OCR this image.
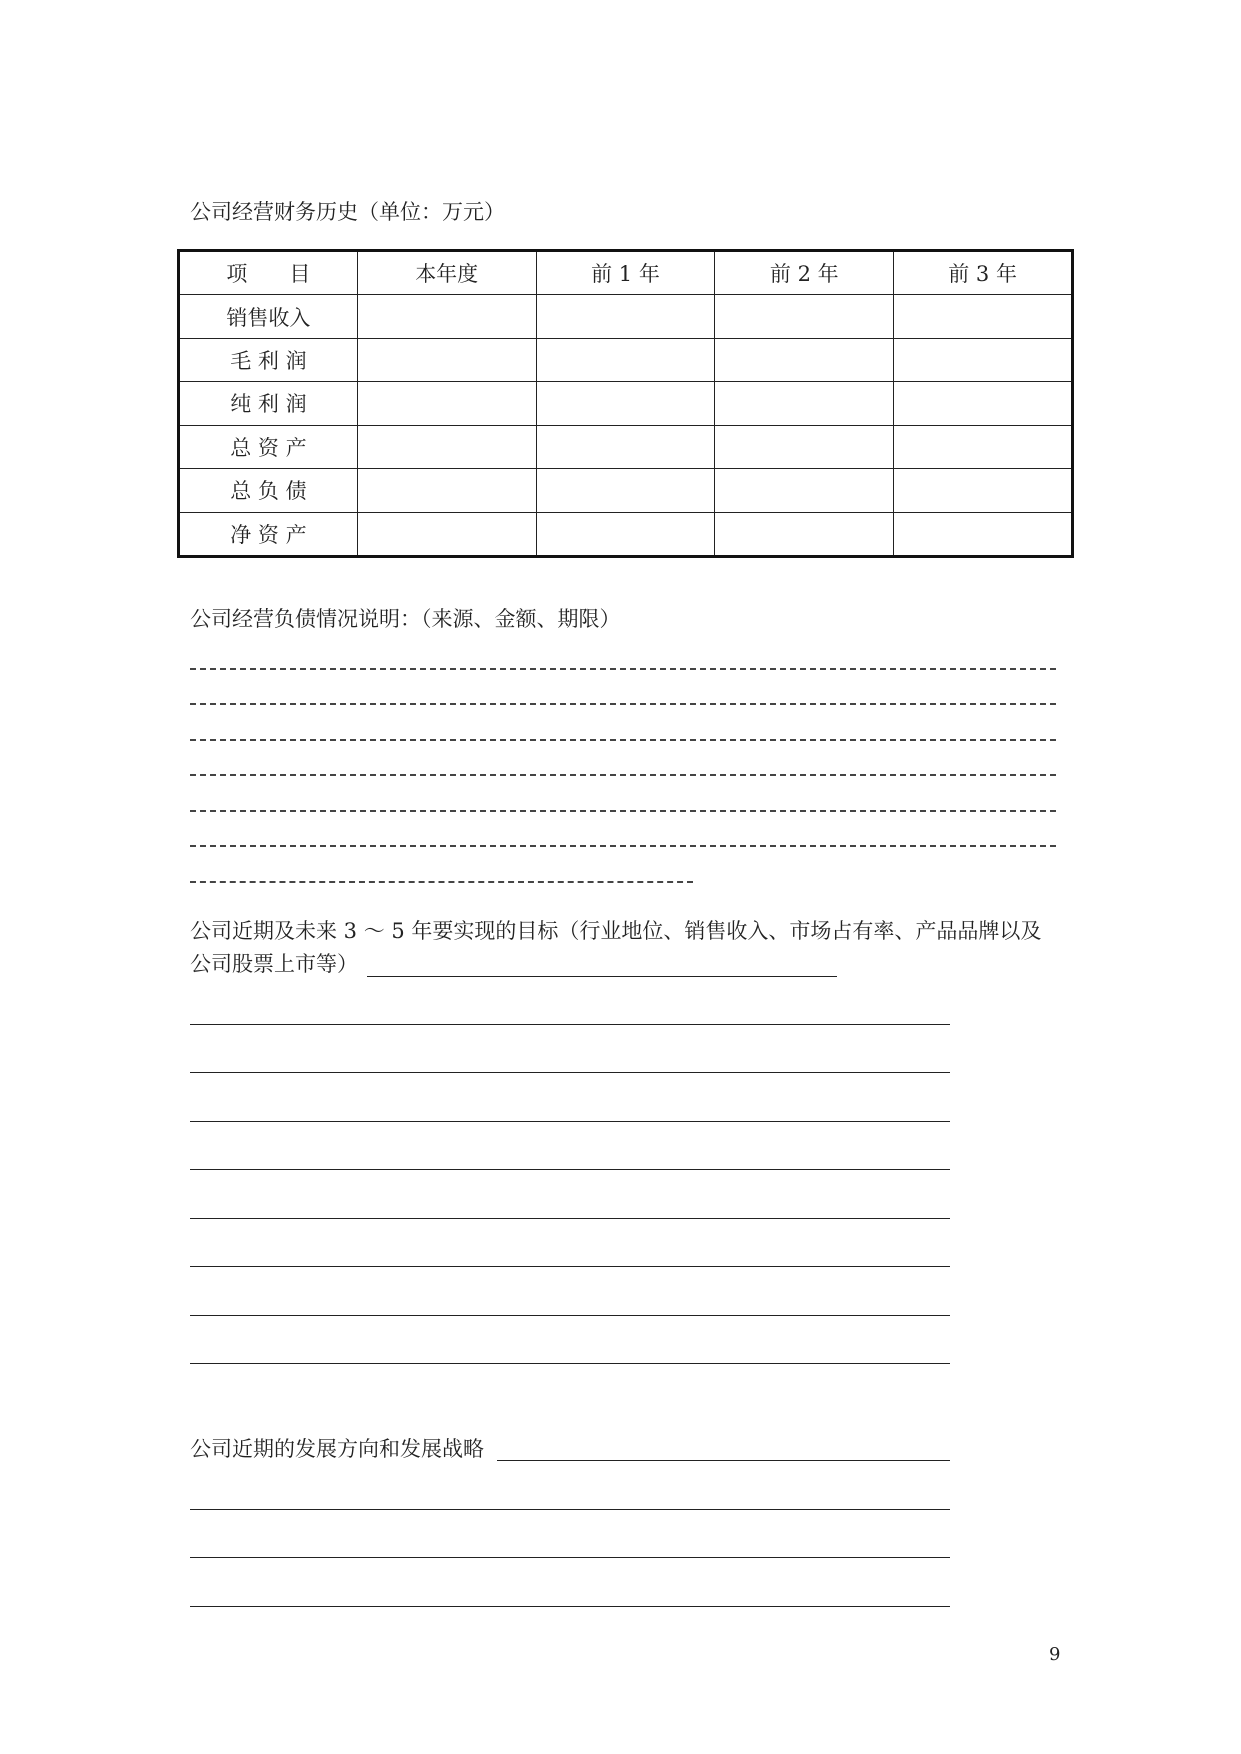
公司经营财务历史（单位：万元）
项　　目	本年度	前 1 年	前 2 年	前 3 年
销售收入				
毛 利 润				
纯 利 润				
总 资 产				
总 负 债				
净 资 产				
公司经营负债情况说明：（来源、金额、期限）
公司近期及未来 3 ～ 5 年要实现的目标（行业地位、销售收入、市场占有率、产品品牌以及
公司股票上市等）
公司近期的发展方向和发展战略
9
